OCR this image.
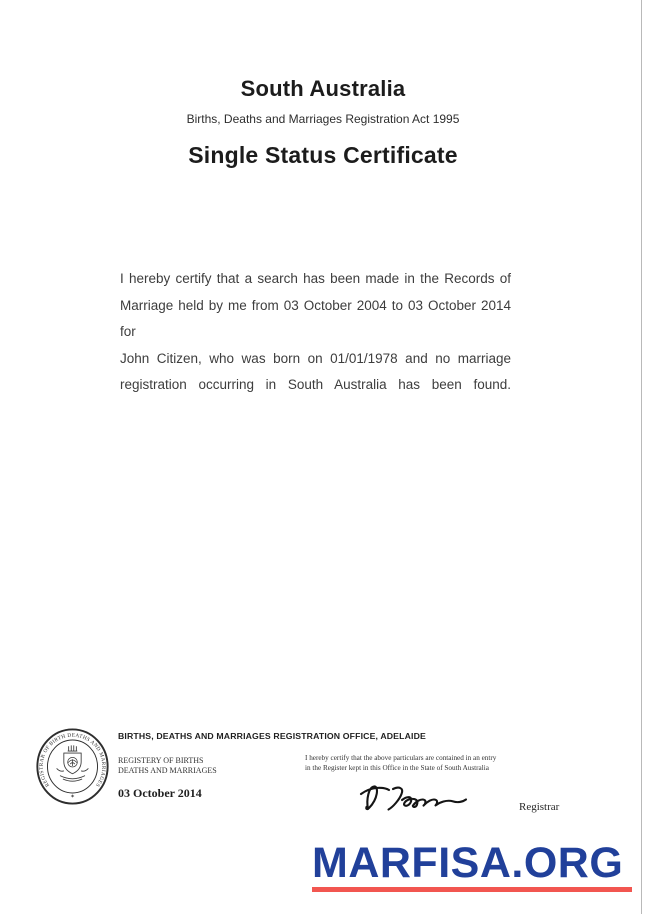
South Australia
Births, Deaths and Marriages Registration Act 1995
Single Status Certificate
I hereby certify that a search has been made in the Records of
Marriage held by me from 03 October 2004 to 03 October 2014 for
John Citizen, who was born on 01/01/1978 and no marriage
registration occurring in South Australia has been found.
REGISTRAR OF BIRTH DEATHS AND MARRIAGES
✶
BIRTHS, DEATHS AND MARRIAGES REGISTRATION OFFICE, ADELAIDE
REGISTERY OF BIRTHS
DEATHS AND MARRIAGES
I hereby certify that the above particulars are contained in an entry
in the Register kept in this Office in the State of South Australia
03 October 2014
Registrar
MARFISA.ORG
